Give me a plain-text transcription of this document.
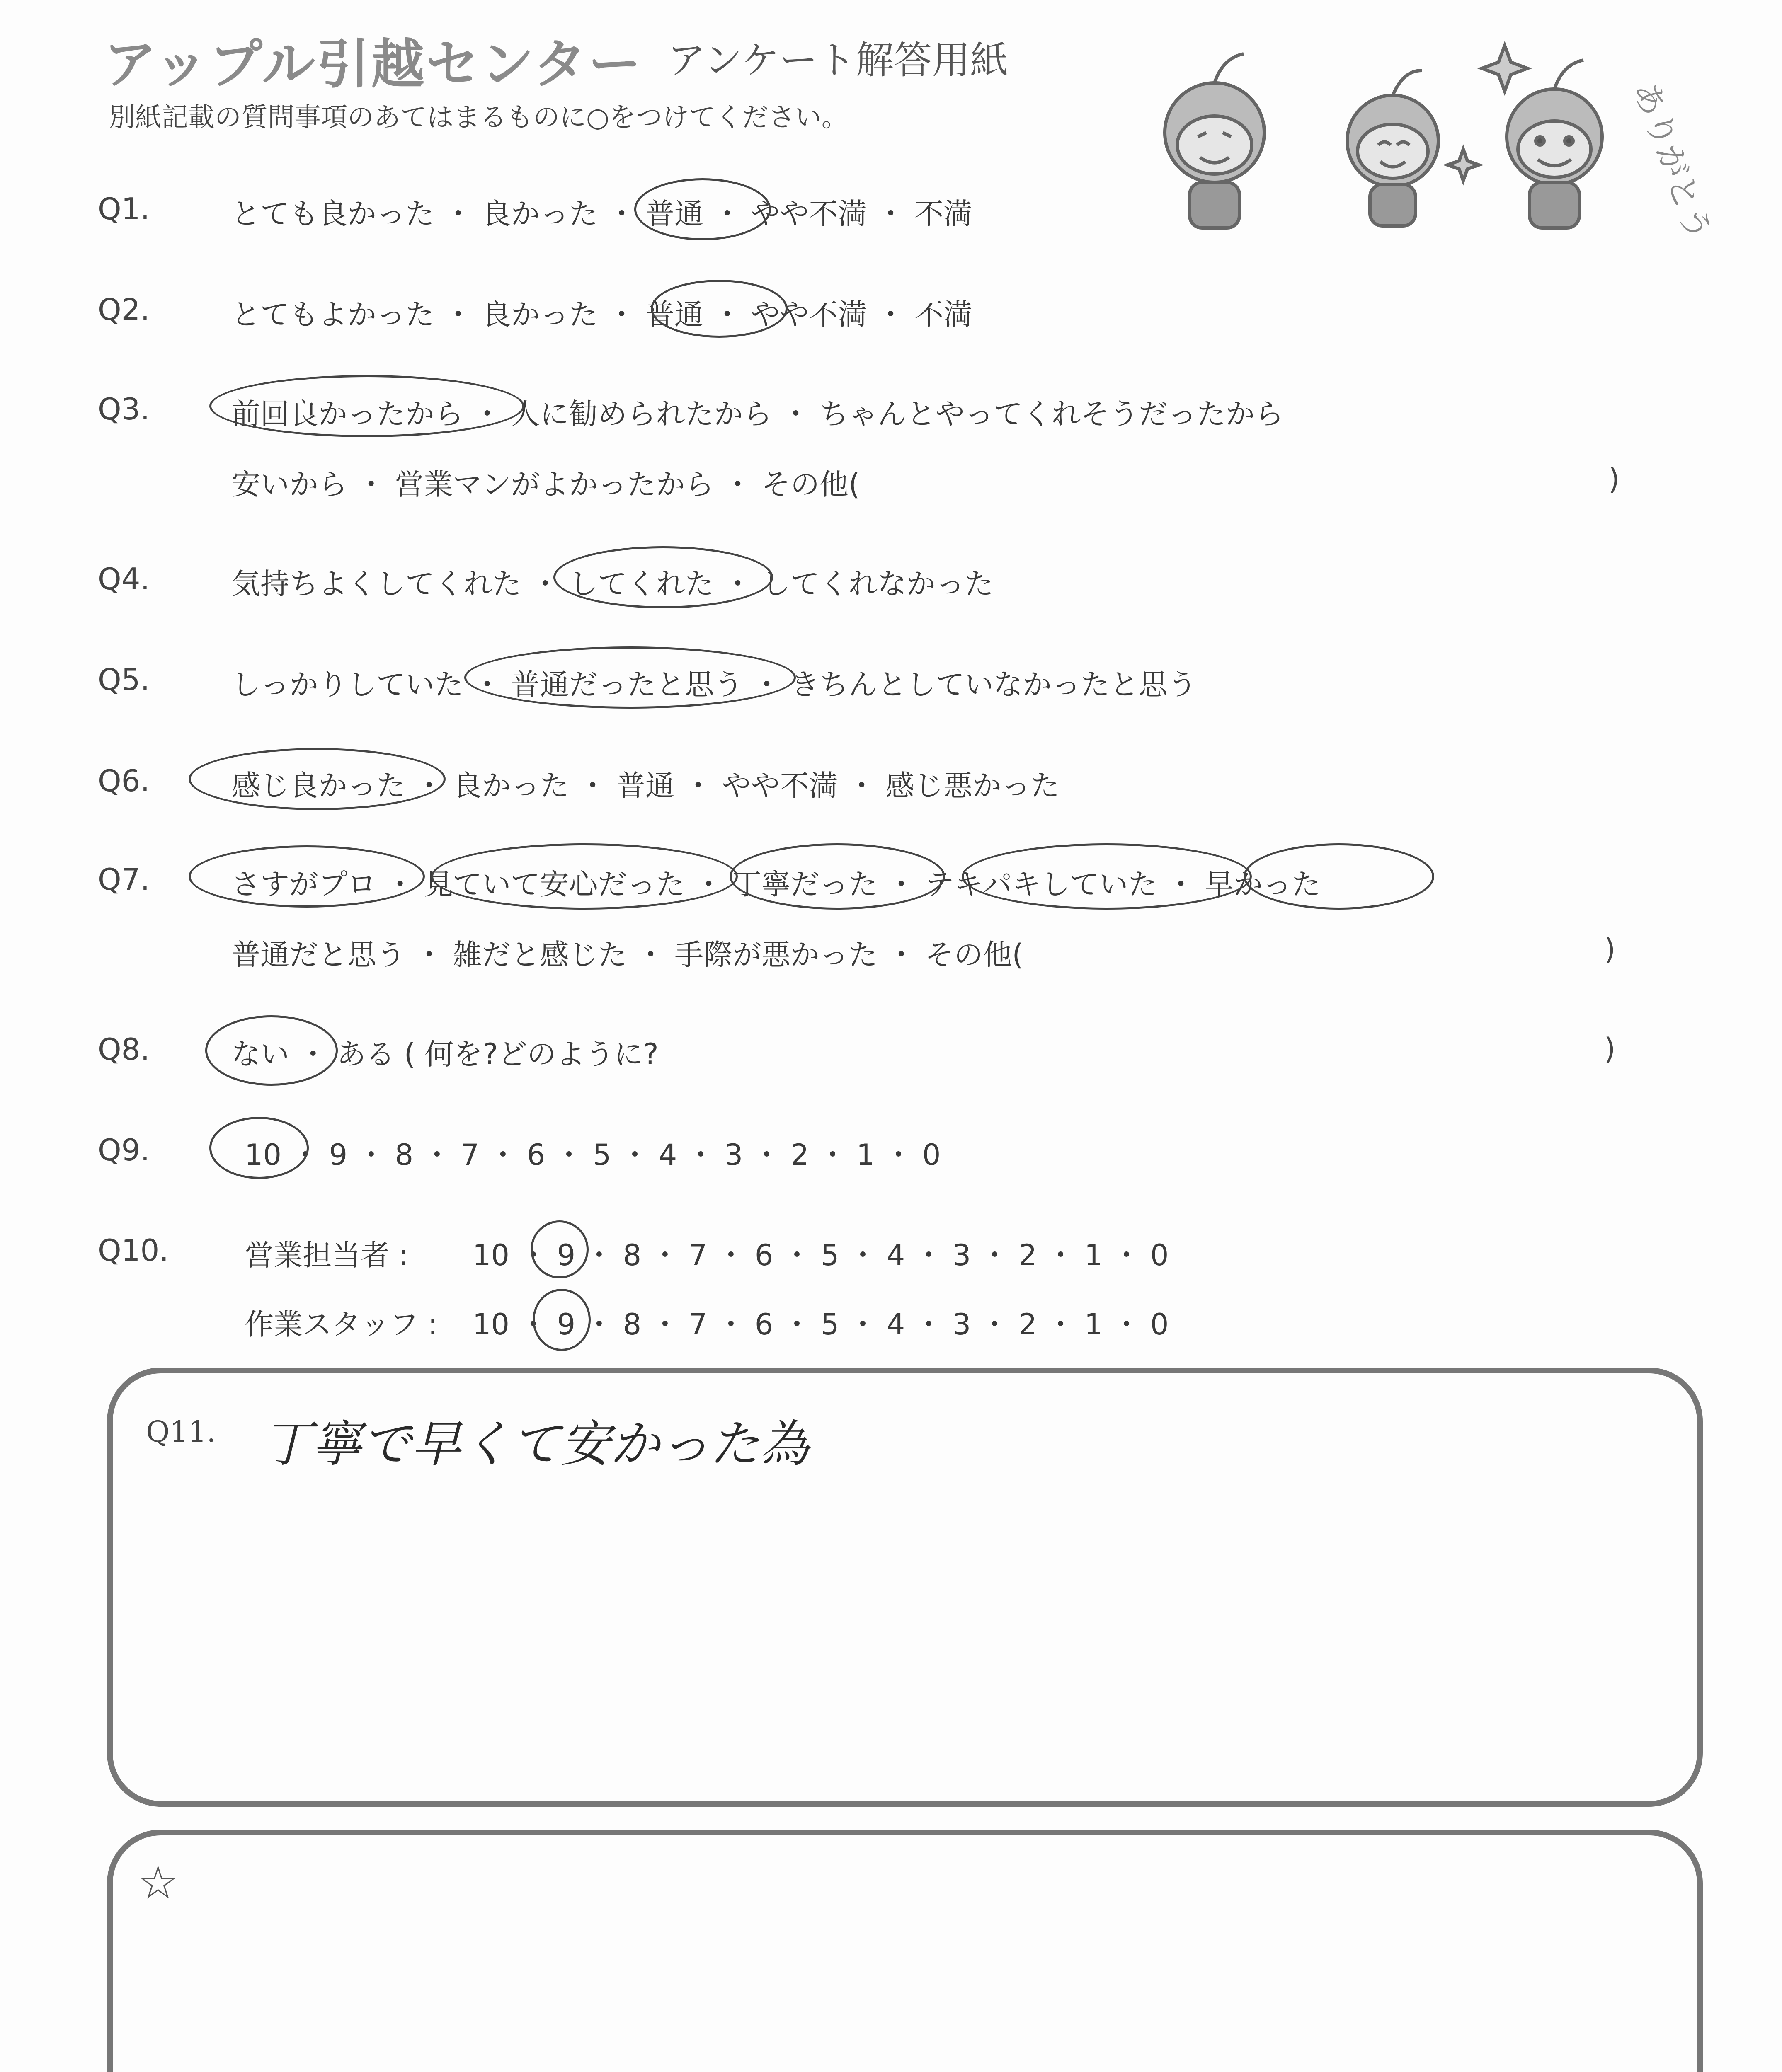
アップル引越センター アンケート解答用紙
別紙記載の質問事項のあてはまるものに○をつけてください。	ありがとう
Q1.	とても良かった ・ 良かった ・ 普通 ・ やや不満 ・ 不満
Q2.	とてもよかった ・ 良かった ・ 普通 ・ やや不満 ・ 不満
Q3.	前回良かったから ・ 人に勧められたから ・ ちゃんとやってくれそうだったから
安いから ・ 営業マンがよかったから ・ その他(	)
Q4.	気持ちよくしてくれた ・ してくれた ・ してくれなかった
Q5.	しっかりしていた ・ 普通だったと思う ・ きちんとしていなかったと思う
Q6.	感じ良かった ・ 良かった ・ 普通 ・ やや不満 ・ 感じ悪かった
Q7.	さすがプロ ・ 見ていて安心だった ・ 丁寧だった ・ テキパキしていた ・ 早かった
普通だと思う ・ 雑だと感じた ・ 手際が悪かった ・ その他(	)
Q8.	ない ・ ある ( 何を?どのように?	)
Q9.	10 ・ 9 ・ 8 ・ 7 ・ 6 ・ 5 ・ 4 ・ 3 ・ 2 ・ 1 ・ 0
Q10.	営業担当者 : 10 ・ 9 ・ 8 ・ 7 ・ 6 ・ 5 ・ 4 ・ 3 ・ 2 ・ 1 ・ 0
作業スタッフ : 10 ・ 9 ・ 8 ・ 7 ・ 6 ・ 5 ・ 4 ・ 3 ・ 2 ・ 1 ・ 0
Q11. 丁寧で早くて安かった為
☆
